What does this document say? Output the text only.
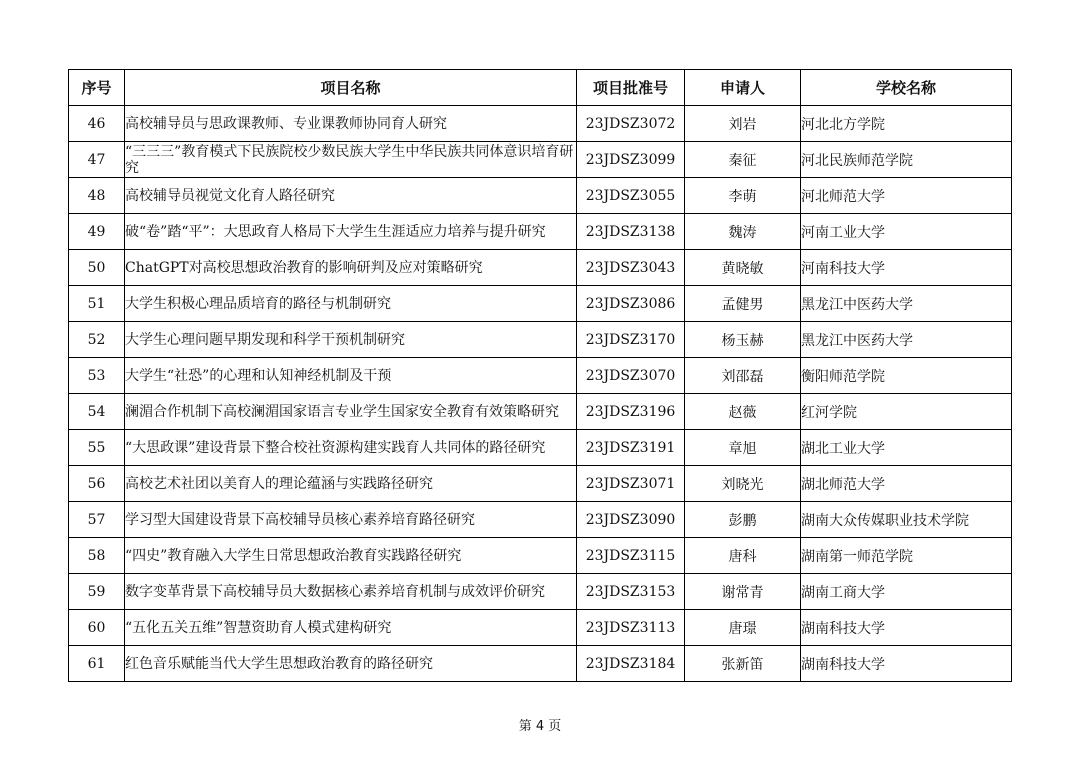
序号	项目名称	项目批准号	申请人	学校名称
46	高校辅导员与思政课教师、专业课教师协同育人研究	23JDSZ3072	刘岩	河北北方学院
47	“三三三”教育模式下民族院校少数民族大学生中华民族共同体意识培育研究	23JDSZ3099	秦征	河北民族师范学院
48	高校辅导员视觉文化育人路径研究	23JDSZ3055	李萌	河北师范大学
49	破“卷”踏“平”：大思政育人格局下大学生生涯适应力培养与提升研究	23JDSZ3138	魏涛	河南工业大学
50	ChatGPT对高校思想政治教育的影响研判及应对策略研究	23JDSZ3043	黄晓敏	河南科技大学
51	大学生积极心理品质培育的路径与机制研究	23JDSZ3086	孟健男	黑龙江中医药大学
52	大学生心理问题早期发现和科学干预机制研究	23JDSZ3170	杨玉赫	黑龙江中医药大学
53	大学生“社恐”的心理和认知神经机制及干预	23JDSZ3070	刘邵磊	衡阳师范学院
54	澜湄合作机制下高校澜湄国家语言专业学生国家安全教育有效策略研究	23JDSZ3196	赵薇	红河学院
55	“大思政课”建设背景下整合校社资源构建实践育人共同体的路径研究	23JDSZ3191	章旭	湖北工业大学
56	高校艺术社团以美育人的理论蕴涵与实践路径研究	23JDSZ3071	刘晓光	湖北师范大学
57	学习型大国建设背景下高校辅导员核心素养培育路径研究	23JDSZ3090	彭鹏	湖南大众传媒职业技术学院
58	“四史”教育融入大学生日常思想政治教育实践路径研究	23JDSZ3115	唐科	湖南第一师范学院
59	数字变革背景下高校辅导员大数据核心素养培育机制与成效评价研究	23JDSZ3153	谢常青	湖南工商大学
60	“五化五关五维”智慧资助育人模式建构研究	23JDSZ3113	唐璟	湖南科技大学
61	红色音乐赋能当代大学生思想政治教育的路径研究	23JDSZ3184	张新笛	湖南科技大学
第 4 页
